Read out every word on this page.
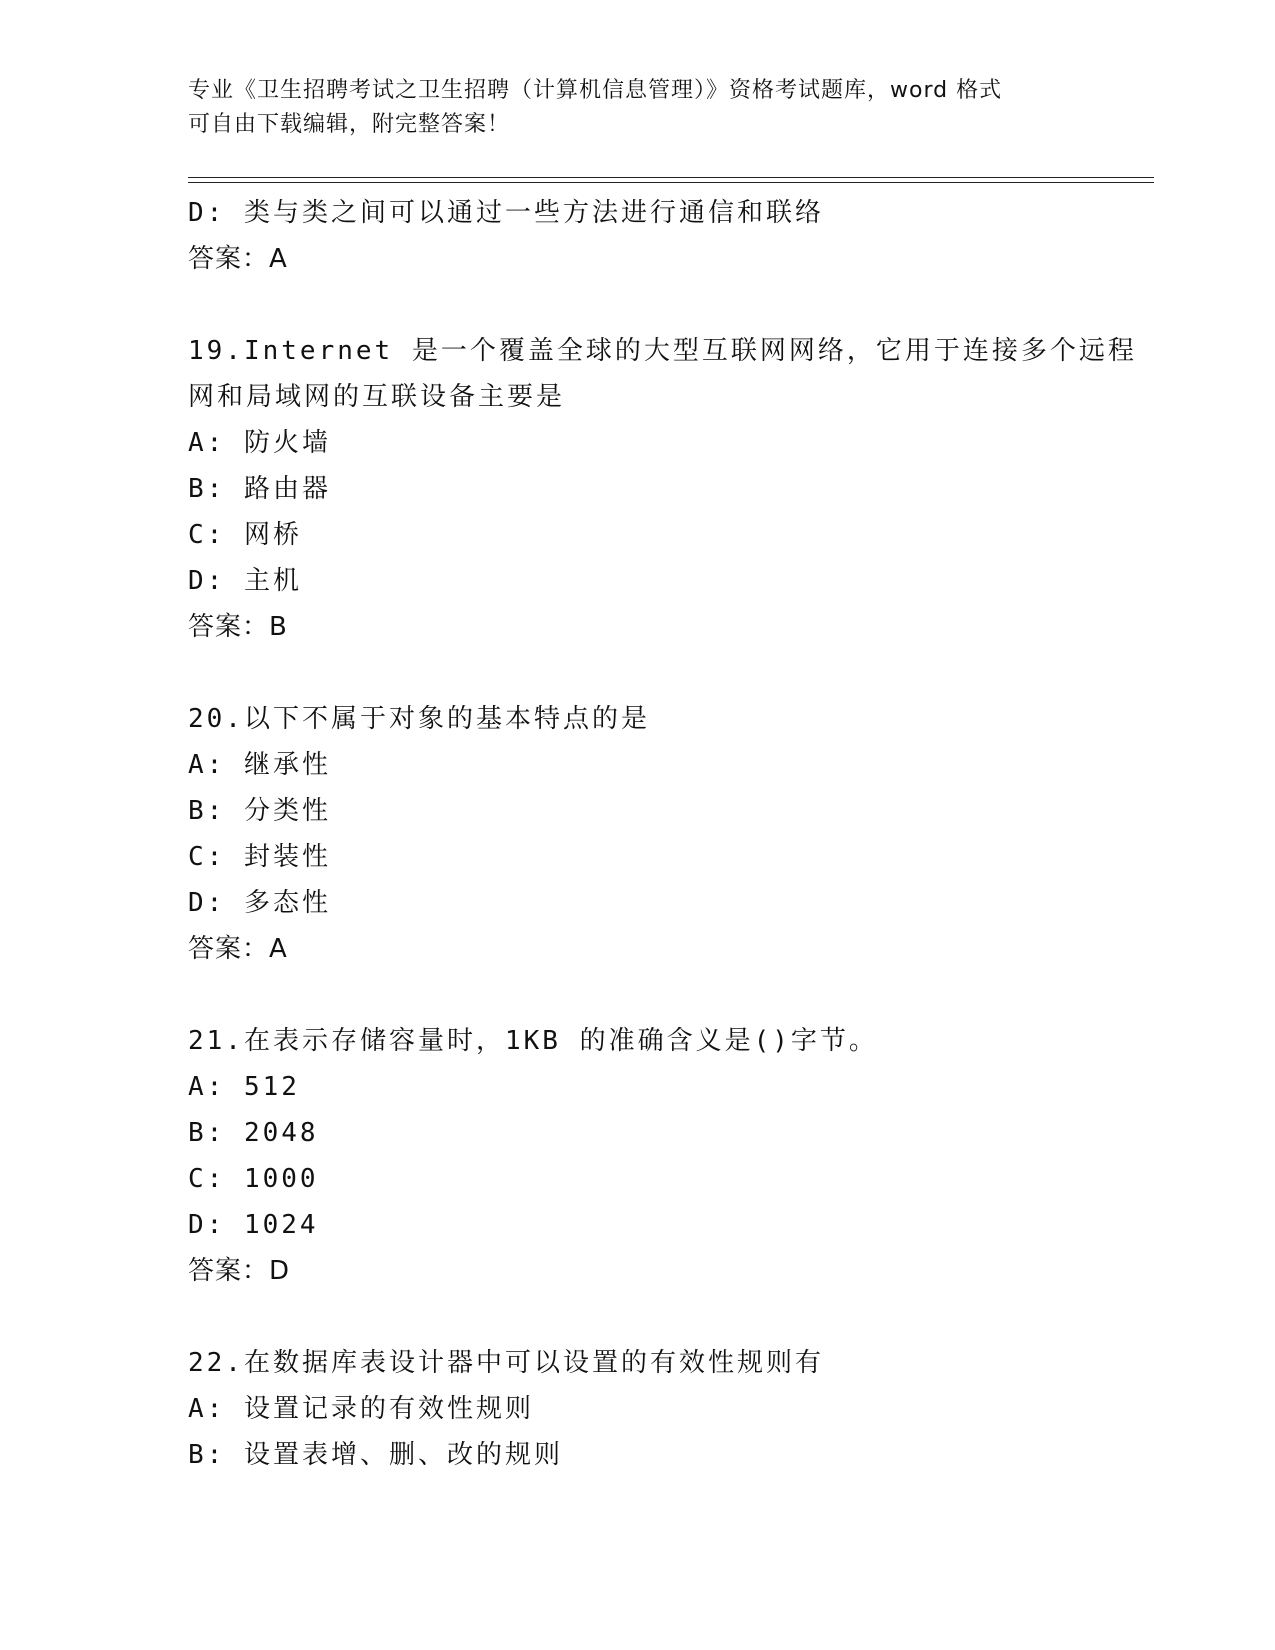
专业《卫生招聘考试之卫生招聘（计算机信息管理）》资格考试题库，word 格式
可自由下载编辑，附完整答案！
D: 类与类之间可以通过一些方法进行通信和联络
答案：A
19.Internet 是一个覆盖全球的大型互联网网络，它用于连接多个远程
网和局域网的互联设备主要是
A: 防火墙
B: 路由器
C: 网桥
D: 主机
答案：B
20.以下不属于对象的基本特点的是
A: 继承性
B: 分类性
C: 封装性
D: 多态性
答案：A
21.在表示存储容量时，1KB 的准确含义是()字节。
A: 512
B: 2048
C: 1000
D: 1024
答案：D
22.在数据库表设计器中可以设置的有效性规则有
A: 设置记录的有效性规则
B: 设置表增、删、改的规则
